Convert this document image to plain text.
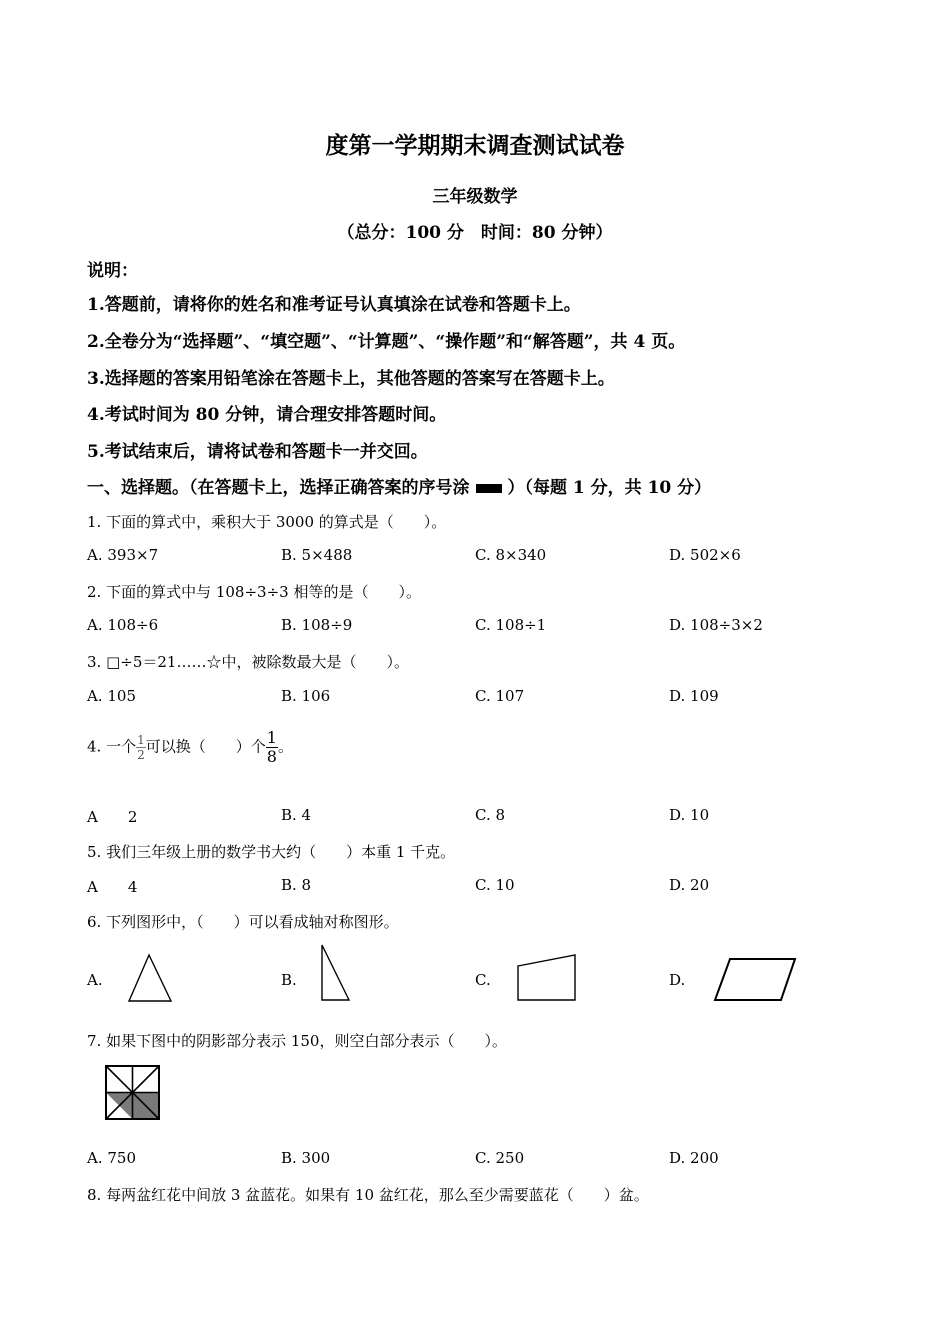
度第一学期期末调查测试试卷
三年级数学
（总分：100 分　时间：80 分钟）
说明：
1.答题前，请将你的姓名和准考证号认真填涂在试卷和答题卡上。
2.全卷分为“选择题”、“填空题”、“计算题”、“操作题”和“解答题”，共 4 页。
3.选择题的答案用铅笔涂在答题卡上，其他答题的答案写在答题卡上。
4.考试时间为 80 分钟，请合理安排答题时间。
5.考试结束后，请将试卷和答题卡一并交回。
一、选择题。（在答题卡上，选择正确答案的序号涂 ）（每题 1 分，共 10 分）
1. 下面的算式中，乘积大于 3000 的算式是（　　）。
A. 393×7	B. 5×488	C. 8×340	D. 502×6
2. 下面的算式中与 108÷3÷3 相等的是（　　）。
A. 108÷6	B. 108÷9	C. 108÷1	D. 108÷3×2
3. □÷5＝21……☆中，被除数最大是（　　）。
A. 105	B. 106	C. 107	D. 109
4. 一个 $\frac{1}{2}$ 可以换（　　）个 $\frac{1}{8}$ 。
A　　2	B. 4	C. 8	D. 10
5. 我们三年级上册的数学书大约（　　）本重 1 千克。
A　　4	B. 8	C. 10	D. 20
6. 下列图形中，（　　）可以看成轴对称图形。
A.	B.	C.	D.
7. 如果下图中的阴影部分表示 150，则空白部分表示（　　）。
A. 750	B. 300	C. 250	D. 200
8. 每两盆红花中间放 3 盆蓝花。如果有 10 盆红花，那么至少需要蓝花（　　）盆。
